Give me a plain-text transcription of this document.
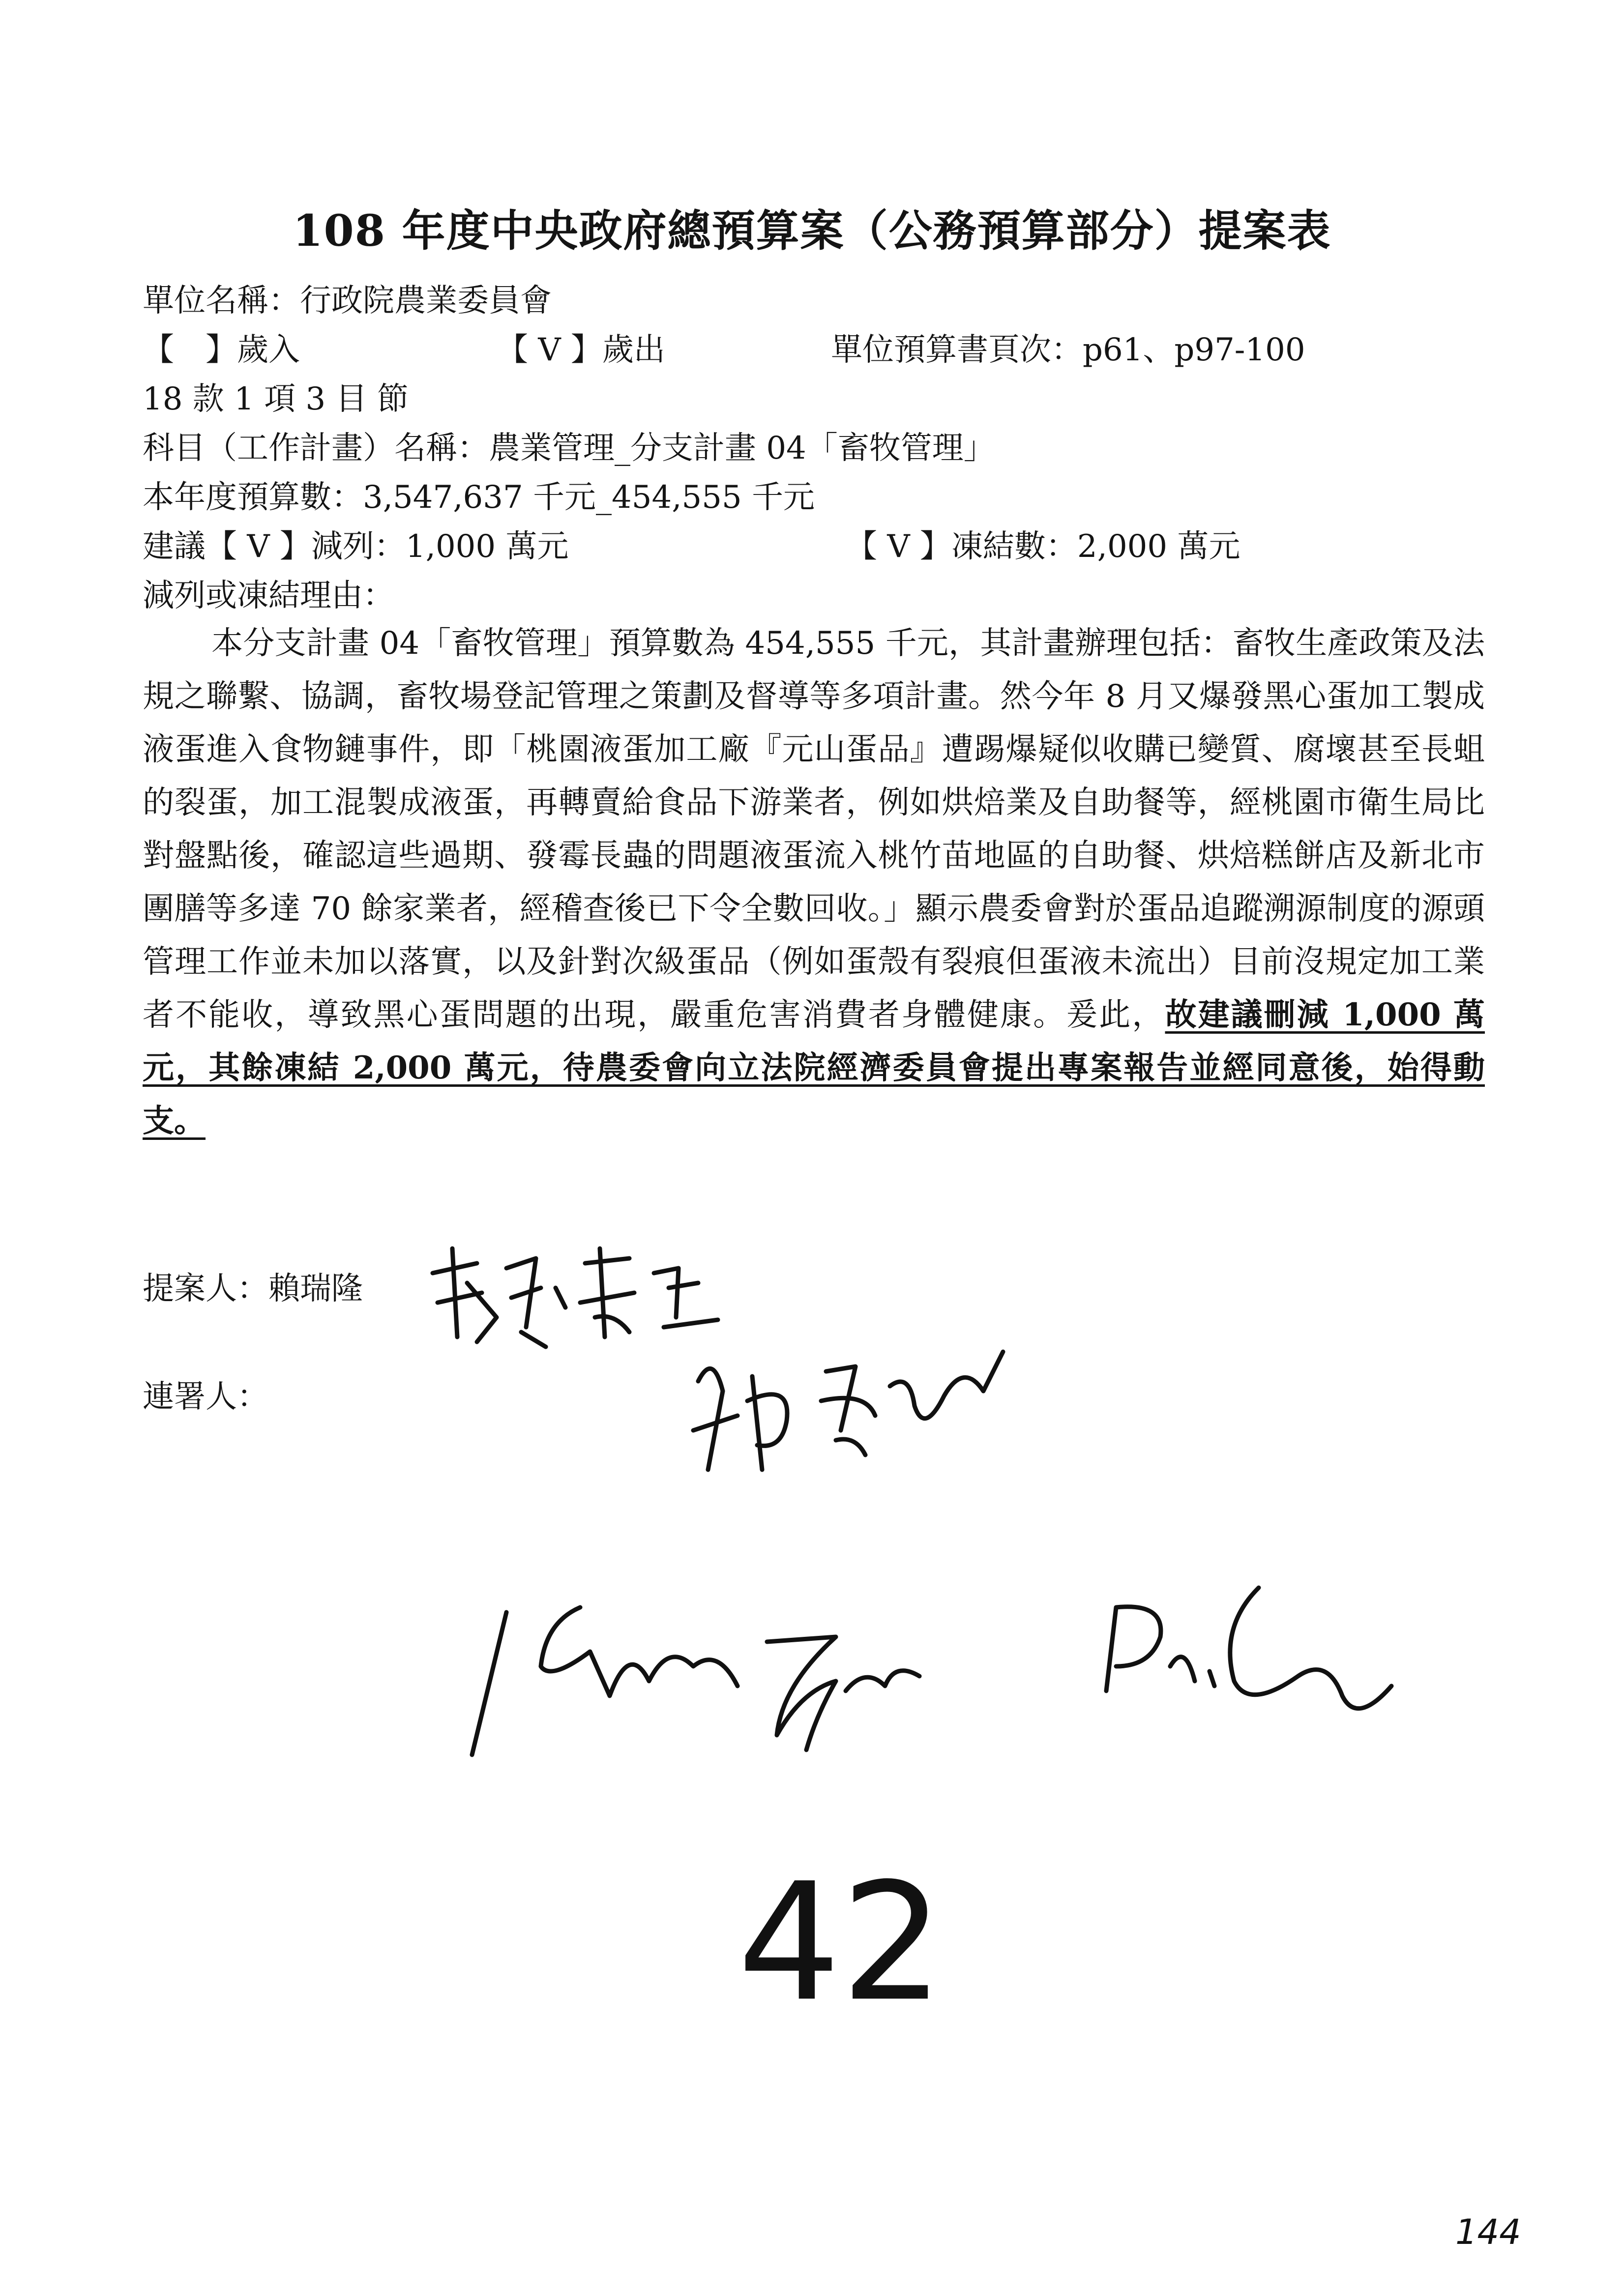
108 年度中央政府總預算案（公務預算部分）提案表
單位名稱：行政院農業委員會
【　】歲入	【 V 】歲出	單位預算書頁次：p61、p97-100
18 款 1 項 3 目 節
科目（工作計畫）名稱：農業管理_分支計畫 04「畜牧管理」
本年度預算數：3,547,637 千元_454,555 千元
建議【 V 】減列：1,000 萬元	【 V 】凍結數：2,000 萬元
減列或凍結理由：
本分支計畫 04「畜牧管理」預算數為 454,555 千元，其計畫辦理包括：畜牧生產政策及法規之聯繫、協調，畜牧場登記管理之策劃及督導等多項計畫。然今年 8 月又爆發黑心蛋加工製成液蛋進入食物鏈事件，即「桃園液蛋加工廠『元山蛋品』遭踢爆疑似收購已變質、腐壞甚至長蛆的裂蛋，加工混製成液蛋，再轉賣給食品下游業者，例如烘焙業及自助餐等，經桃園市衛生局比對盤點後，確認這些過期、發霉長蟲的問題液蛋流入桃竹苗地區的自助餐、烘焙糕餅店及新北市團膳等多達 70 餘家業者，經稽查後已下令全數回收。」顯示農委會對於蛋品追蹤溯源制度的源頭管理工作並未加以落實，以及針對次級蛋品（例如蛋殼有裂痕但蛋液未流出）目前沒規定加工業者不能收，導致黑心蛋問題的出現，嚴重危害消費者身體健康。爰此，故建議刪減 1,000 萬元，其餘凍結 2,000 萬元，待農委會向立法院經濟委員會提出專案報告並經同意後，始得動支。
提案人：賴瑞隆
連署人：
42
144
